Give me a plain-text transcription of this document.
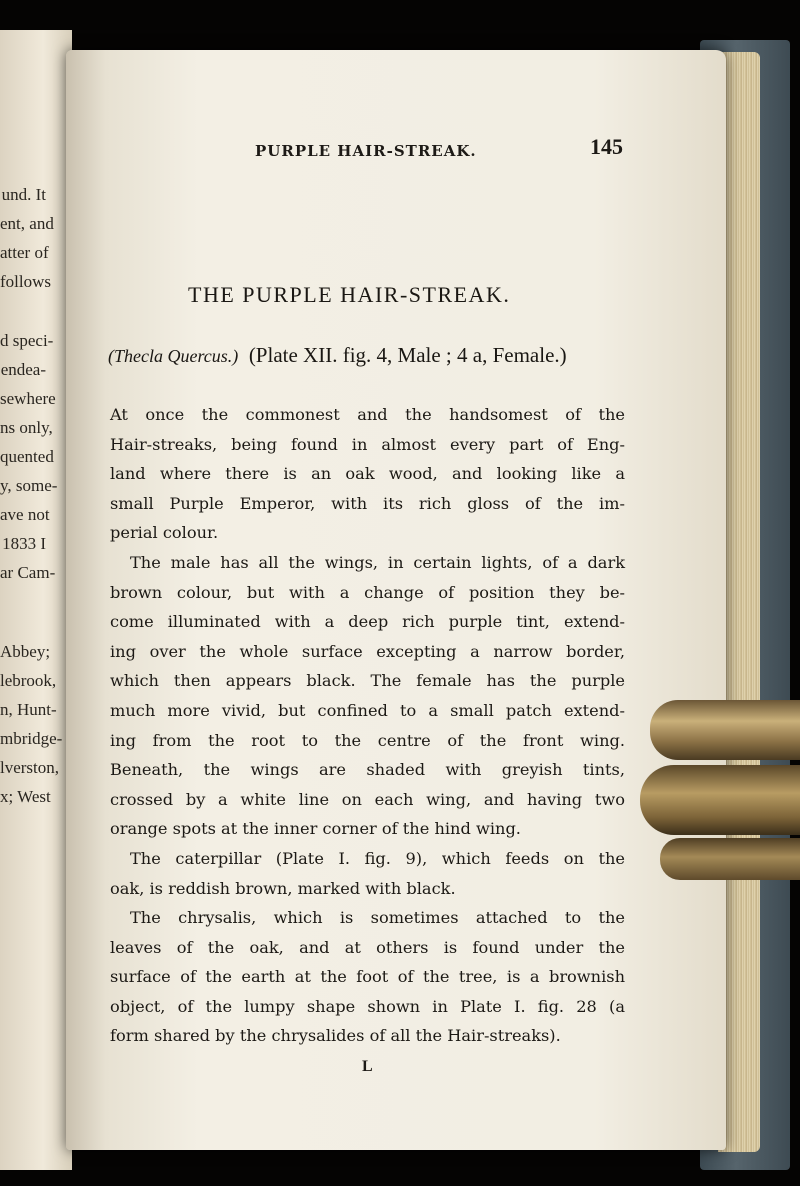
und. It
ent, and
atter of
follows
d speci-
endea-
sewhere
ns only,
quented
y, some-
ave not
1833 I
ar Cam-
Abbey;
lebrook,
n, Hunt-
mbridge-
lverston,
x; West
PURPLE HAIR-STREAK.	145
THE PURPLE HAIR-STREAK.
(Thecla Quercus.) (Plate XII. fig. 4, Male ; 4 a, Female.)
At once the commonest and the handsomest of the
Hair-streaks, being found in almost every part of Eng-
land where there is an oak wood, and looking like a
small Purple Emperor, with its rich gloss of the im-
perial colour.
The male has all the wings, in certain lights, of a dark
brown colour, but with a change of position they be-
come illuminated with a deep rich purple tint, extend-
ing over the whole surface excepting a narrow border,
which then appears black. The female has the purple
much more vivid, but confined to a small patch extend-
ing from the root to the centre of the front wing.
Beneath, the wings are shaded with greyish tints,
crossed by a white line on each wing, and having two
orange spots at the inner corner of the hind wing.
The caterpillar (Plate I. fig. 9), which feeds on the
oak, is reddish brown, marked with black.
The chrysalis, which is sometimes attached to the
leaves of the oak, and at others is found under the
surface of the earth at the foot of the tree, is a brownish
object, of the lumpy shape shown in Plate I. fig. 28 (a
form shared by the chrysalides of all the Hair-streaks).
L
